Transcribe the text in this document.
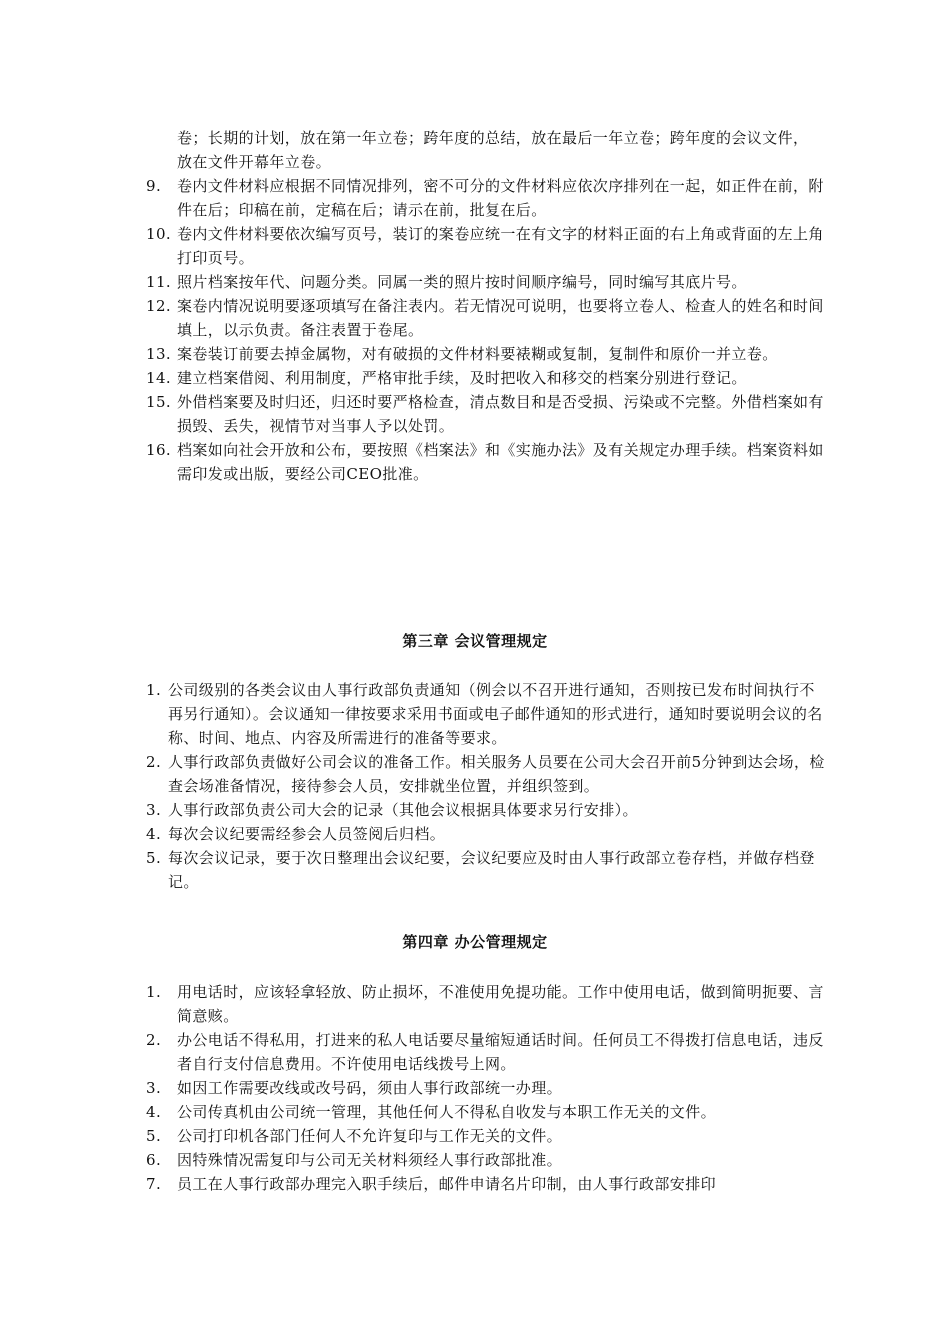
卷；长期的计划，放在第一年立卷；跨年度的总结，放在最后一年立卷；跨年度的会议文件，放在文件开幕年立卷。
9.	卷内文件材料应根据不同情况排列，密不可分的文件材料应依次序排列在一起，如正件在前，附件在后；印稿在前，定稿在后；请示在前，批复在后。
10. 卷内文件材料要依次编写页号，装订的案卷应统一在有文字的材料正面的右上角或背面的左上角打印页号。
11. 照片档案按年代、问题分类。同属一类的照片按时间顺序编号，同时编写其底片号。
12. 案卷内情况说明要逐项填写在备注表内。若无情况可说明，也要将立卷人、检查人的姓名和时间填上，以示负责。备注表置于卷尾。
13. 案卷装订前要去掉金属物，对有破损的文件材料要裱糊或复制，复制件和原价一并立卷。
14. 建立档案借阅、利用制度，严格审批手续，及时把收入和移交的档案分别进行登记。
15. 外借档案要及时归还，归还时要严格检查，清点数目和是否受损、污染或不完整。外借档案如有损毁、丢失，视情节对当事人予以处罚。
16. 档案如向社会开放和公布，要按照《档案法》和《实施办法》及有关规定办理手续。档案资料如需印发或出版，要经公司CEO批准。
第三章 会议管理规定
1. 公司级别的各类会议由人事行政部负责通知（例会以不召开进行通知，否则按已发布时间执行不再另行通知）。会议通知一律按要求采用书面或电子邮件通知的形式进行，通知时要说明会议的名称、时间、地点、内容及所需进行的准备等要求。
2. 人事行政部负责做好公司会议的准备工作。相关服务人员要在公司大会召开前5分钟到达会场，检查会场准备情况，接待参会人员，安排就坐位置，并组织签到。
3. 人事行政部负责公司大会的记录（其他会议根据具体要求另行安排）。
4. 每次会议纪要需经参会人员签阅后归档。
5. 每次会议记录，要于次日整理出会议纪要，会议纪要应及时由人事行政部立卷存档，并做存档登记。
第四章 办公管理规定
1.	用电话时，应该轻拿轻放、防止损坏，不准使用免提功能。工作中使用电话，做到简明扼要、言简意赅。
2.	办公电话不得私用，打进来的私人电话要尽量缩短通话时间。任何员工不得拨打信息电话，违反者自行支付信息费用。不许使用电话线拨号上网。
3.	如因工作需要改线或改号码，须由人事行政部统一办理。
4.	公司传真机由公司统一管理，其他任何人不得私自收发与本职工作无关的文件。
5.	公司打印机各部门任何人不允许复印与工作无关的文件。
6.	因特殊情况需复印与公司无关材料须经人事行政部批准。
7.	员工在人事行政部办理完入职手续后，邮件申请名片印制，由人事行政部安排印
